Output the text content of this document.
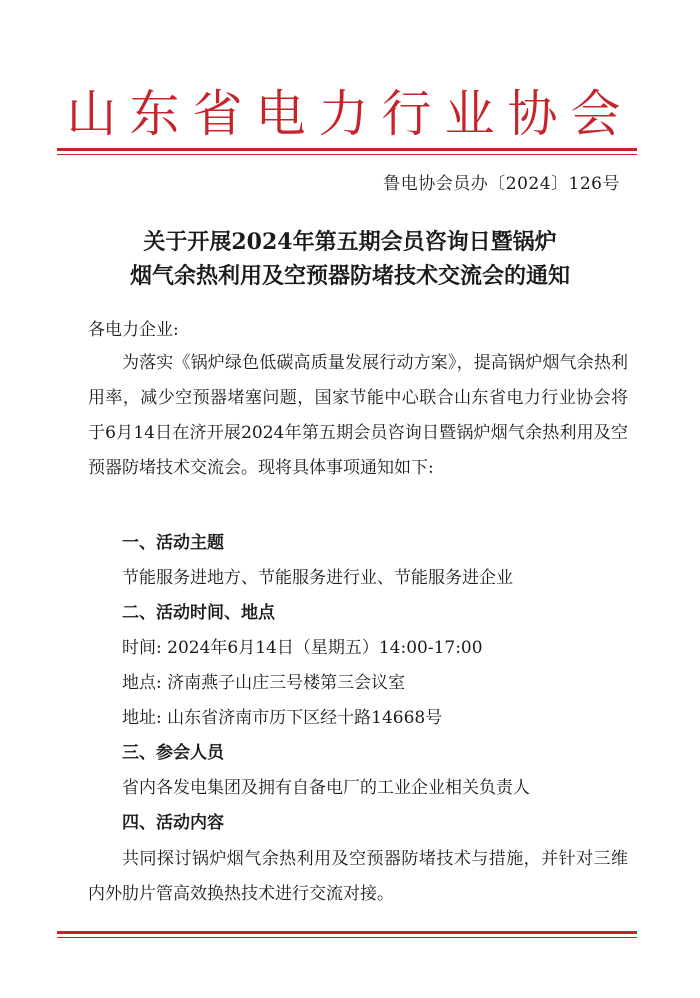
山东省电力行业协会
鲁电协会员办〔2024〕126号
关于开展2024年第五期会员咨询日暨锅炉
烟气余热利用及空预器防堵技术交流会的通知
各电力企业:

为落实《锅炉绿色低碳高质量发展行动方案》，提高锅炉烟气余热利用率，减少空预器堵塞问题，国家节能中心联合山东省电力行业协会将于6月14日在济开展2024年第五期会员咨询日暨锅炉烟气余热利用及空预器防堵技术交流会。现将具体事项通知如下:

一、活动主题
节能服务进地方、节能服务进行业、节能服务进企业
二、活动时间、地点
时间: 2024年6月14日（星期五）14:00-17:00
地点: 济南燕子山庄三号楼第三会议室
地址: 山东省济南市历下区经十路14668号
三、参会人员
省内各发电集团及拥有自备电厂的工业企业相关负责人
四、活动内容

共同探讨锅炉烟气余热利用及空预器防堵技术与措施，并针对三维内外肋片管高效换热技术进行交流对接。
